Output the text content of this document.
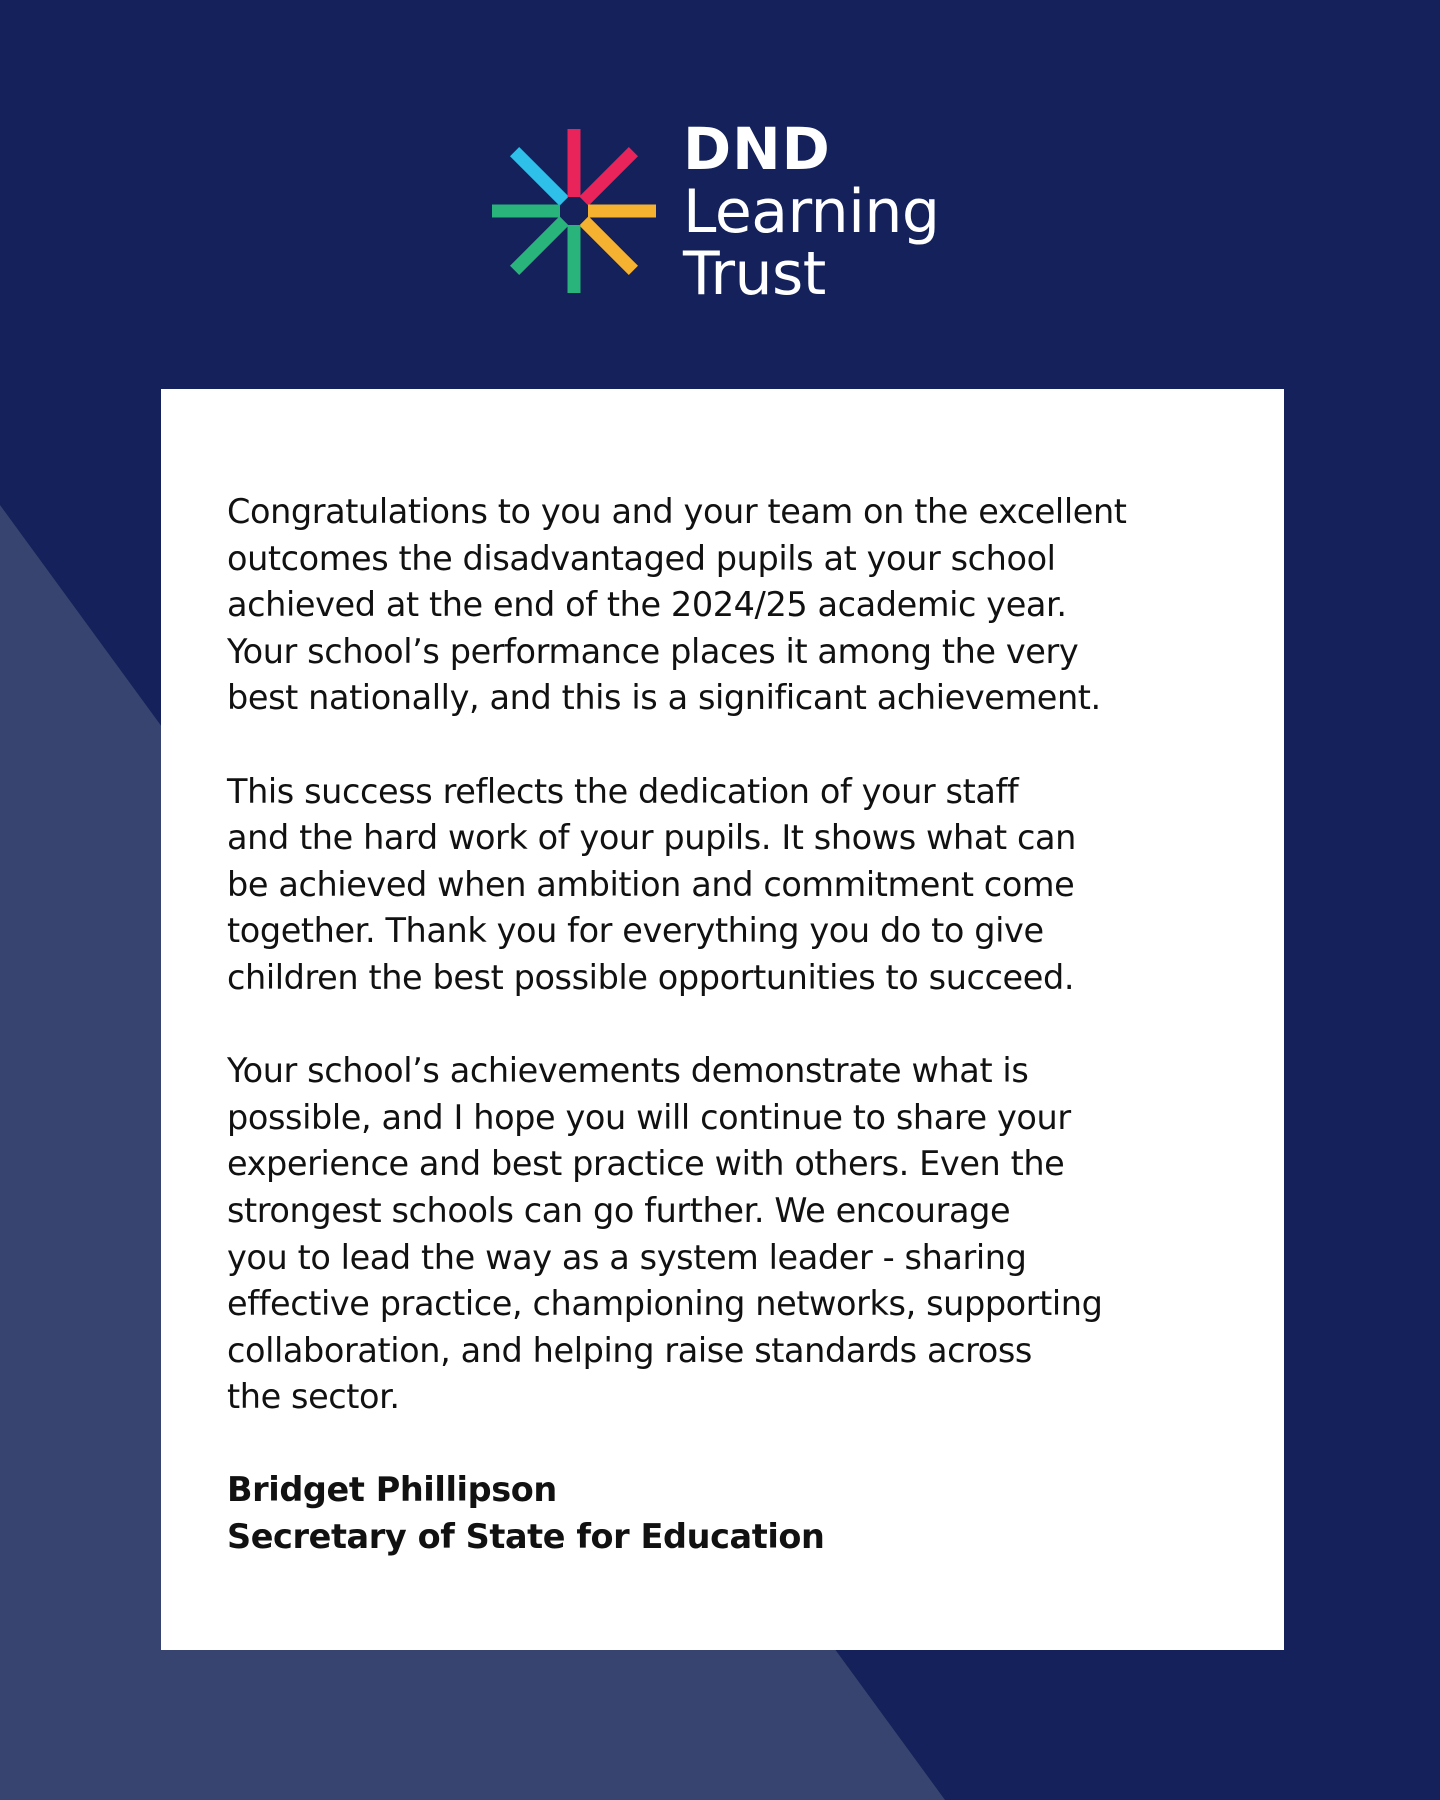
DND
Learning
Trust
Congratulations to you and your team on the excellent
outcomes the disadvantaged pupils at your school
achieved at the end of the 2024/25 academic year.
Your school’s performance places it among the very
best nationally, and this is a significant achievement.
This success reflects the dedication of your staff
and the hard work of your pupils. It shows what can
be achieved when ambition and commitment come
together. Thank you for everything you do to give
children the best possible opportunities to succeed.
Your school’s achievements demonstrate what is
possible, and I hope you will continue to share your
experience and best practice with others. Even the
strongest schools can go further. We encourage
you to lead the way as a system leader - sharing
effective practice, championing networks, supporting
collaboration, and helping raise standards across
the sector.
Bridget Phillipson
Secretary of State for Education
